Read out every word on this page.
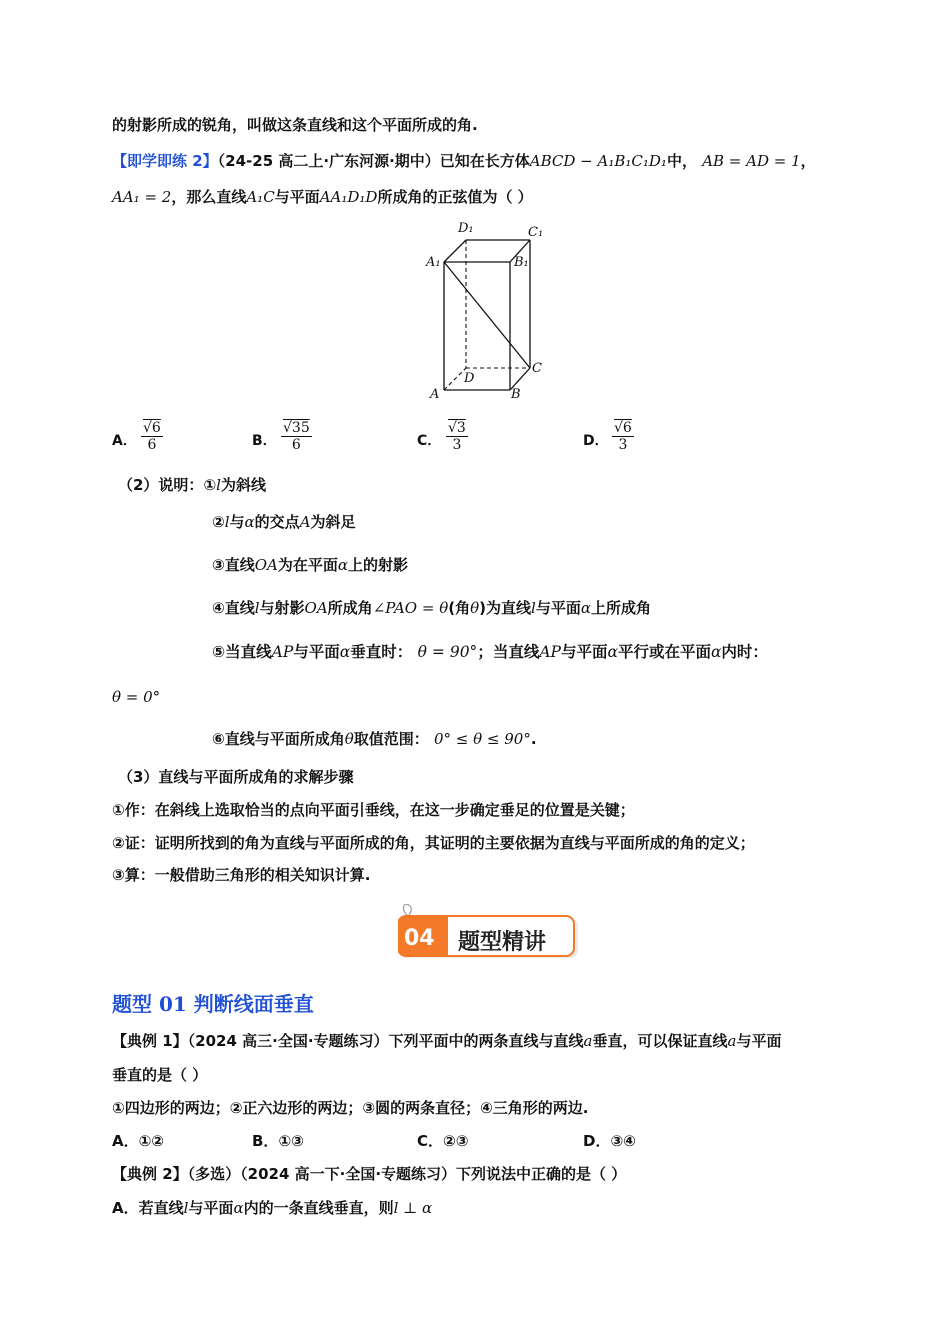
的射影所成的锐角，叫做这条直线和这个平面所成的角.
【即学即练 2】（24-25 高二上·广东河源·期中）已知在长方体ABCD − A₁B₁C₁D₁中， AB = AD = 1，
AA₁ = 2，那么直线A₁C与平面AA₁D₁D所成角的正弦值为（ ）
D₁	C₁
A₁	B₁
C
D
A	B
A． $\frac{√6}{6}$	B． $\frac{√35}{6}$	C． $\frac{√3}{3}$	D． $\frac{√6}{3}$
（2）说明：①l为斜线
②l与α的交点A为斜足
③直线OA为在平面α上的射影
④直线l与射影OA所成角∠PAO = θ(角θ)为直线l与平面α上所成角
⑤当直线AP与平面α垂直时： θ = 90°；当直线AP与平面α平行或在平面α内时：
θ = 0°
⑥直线与平面所成角θ取值范围： 0° ≤ θ ≤ 90°.
（3）直线与平面所成角的求解步骤
①作：在斜线上选取恰当的点向平面引垂线，在这一步确定垂足的位置是关键；
②证：证明所找到的角为直线与平面所成的角，其证明的主要依据为直线与平面所成的角的定义；
③算：一般借助三角形的相关知识计算.
04 题型精讲
题型 01 判断线面垂直
【典例 1】（2024 高三·全国·专题练习）下列平面中的两条直线与直线a垂直，可以保证直线a与平面
垂直的是（ ）
①四边形的两边；②正六边形的两边；③圆的两条直径；④三角形的两边.
A．①②	B．①③	C．②③	D．③④
【典例 2】（多选）（2024 高一下·全国·专题练习）下列说法中正确的是（ ）
A．若直线l与平面α内的一条直线垂直，则l ⊥ α
